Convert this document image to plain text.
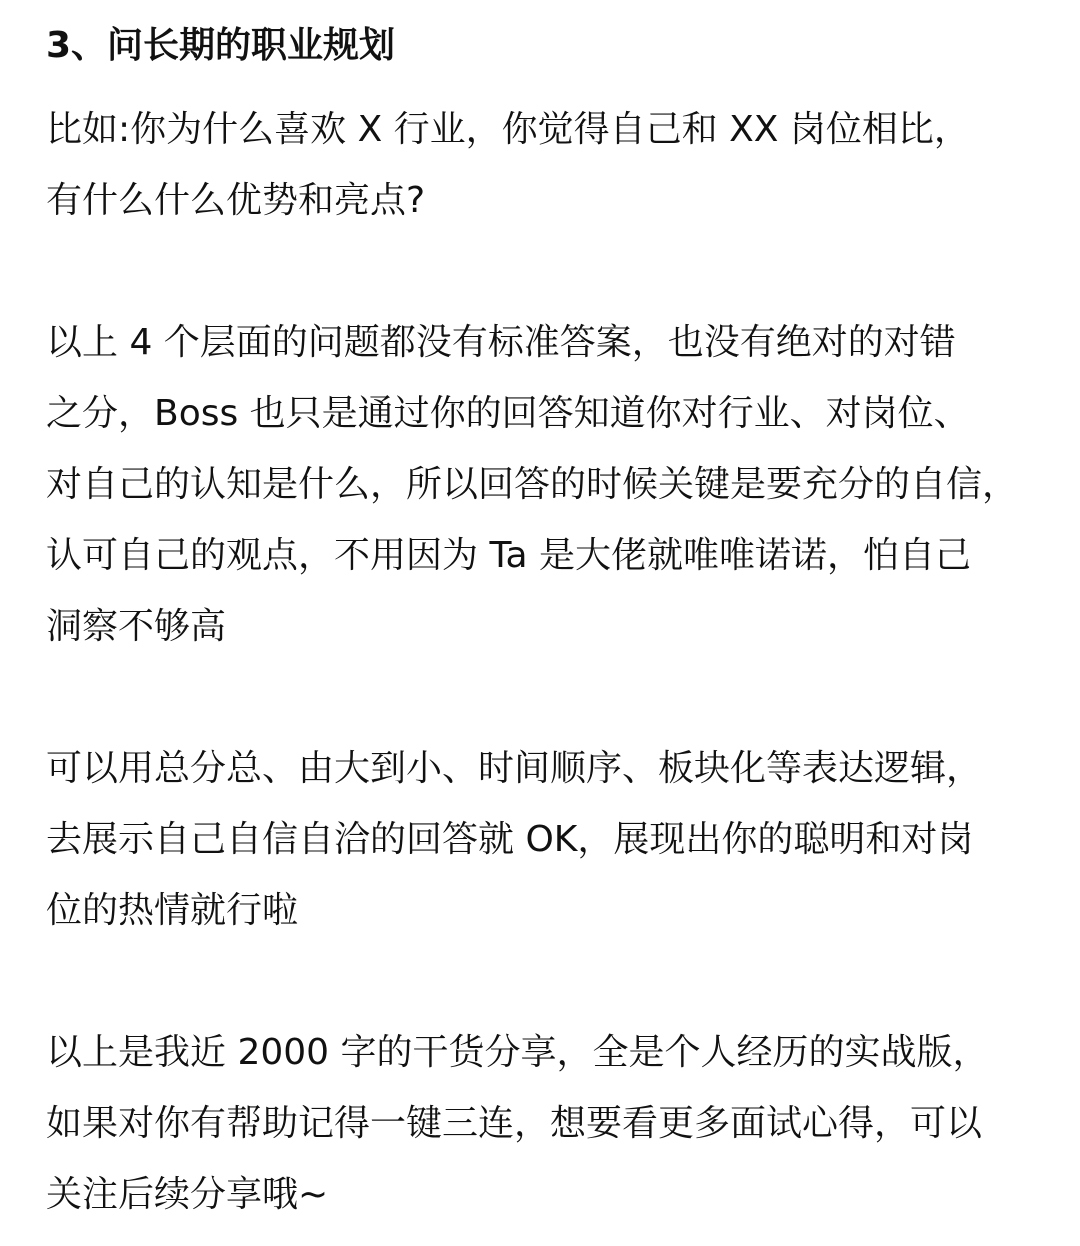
3、问长期的职业规划
比如:你为什么喜欢 X 行业，你觉得自己和 XX 岗位相比，
有什么什么优势和亮点?
以上 4 个层面的问题都没有标准答案，也没有绝对的对错
之分，Boss 也只是通过你的回答知道你对行业、对岗位、
对自己的认知是什么，所以回答的时候关键是要充分的自信，
认可自己的观点，不用因为 Ta 是大佬就唯唯诺诺，怕自己
洞察不够高
可以用总分总、由大到小、时间顺序、板块化等表达逻辑，
去展示自己自信自洽的回答就 OK，展现出你的聪明和对岗
位的热情就行啦
以上是我近 2000 字的干货分享，全是个人经历的实战版，
如果对你有帮助记得一键三连，想要看更多面试心得，可以
关注后续分享哦~
